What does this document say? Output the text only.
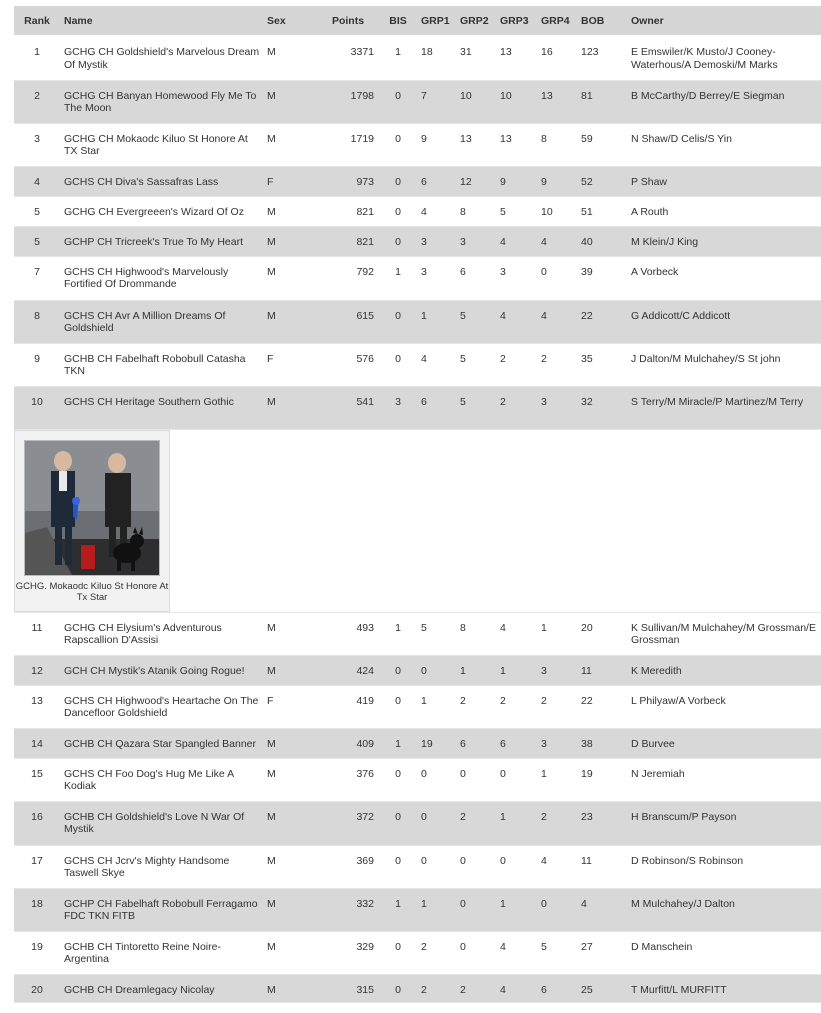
Rank	Name	Sex	Points	BIS	GRP1	GRP2	GRP3	GRP4	BOB	Owner
1	GCHG CH Goldshield's Marvelous Dream Of Mystik	M	3371	1	18	31	13	16	123	E Emswiler/K Musto/J Cooney-Waterhous/A Demoski/M Marks
2	GCHG CH Banyan Homewood Fly Me To The Moon	M	1798	0	7	10	10	13	81	B McCarthy/D Berrey/E Siegman
3	GCHG CH Mokaodc Kiluo St Honore At TX Star	M	1719	0	9	13	13	8	59	N Shaw/D Celis/S Yin
4	GCHS CH Diva's Sassafras Lass	F	973	0	6	12	9	9	52	P Shaw
5	GCHG CH Evergreeen's Wizard Of Oz	M	821	0	4	8	5	10	51	A Routh
5	GCHP CH Tricreek's True To My Heart	M	821	0	3	3	4	4	40	M Klein/J King
7	GCHS CH Highwood's Marvelously Fortified Of Drommande	M	792	1	3	6	3	0	39	A Vorbeck
8	GCHS CH Avr A Million Dreams Of Goldshield	M	615	0	1	5	4	4	22	G Addicott/C Addicott
9	GCHB CH Fabelhaft Robobull Catasha TKN	F	576	0	4	5	2	2	35	J Dalton/M Mulchahey/S St john
10	GCHS CH Heritage Southern Gothic	M	541	3	6	5	2	3	32	S Terry/M Miracle/P Martinez/M Terry

GCHG. Mokaodc Kiluo St Honore At Tx Star										

11	GCHG CH Elysium's Adventurous Rapscallion D'Assisi	M	493	1	5	8	4	1	20	K Sullivan/M Mulchahey/M Grossman/E Grossman
12	GCH CH Mystik's Atanik Going Rogue!	M	424	0	0	1	1	3	11	K Meredith
13	GCHS CH Highwood's Heartache On The Dancefloor Goldshield	F	419	0	1	2	2	2	22	L Philyaw/A Vorbeck
14	GCHB CH Qazara Star Spangled Banner	M	409	1	19	6	6	3	38	D Burvee
15	GCHS CH Foo Dog's Hug Me Like A Kodiak	M	376	0	0	0	0	1	19	N Jeremiah
16	GCHB CH Goldshield's Love N War Of Mystik	M	372	0	0	2	1	2	23	H Branscum/P Payson
17	GCHS CH Jcrv's Mighty Handsome Taswell Skye	M	369	0	0	0	0	4	11	D Robinson/S Robinson
18	GCHP CH Fabelhaft Robobull Ferragamo FDC TKN FITB	M	332	1	1	0	1	0	4	M Mulchahey/J Dalton
19	GCHB CH Tintoretto Reine Noire-Argentina	M	329	0	2	0	4	5	27	D Manschein
20	GCHB CH Dreamlegacy Nicolay	M	315	0	2	2	4	6	25	T Murfitt/L MURFITT
